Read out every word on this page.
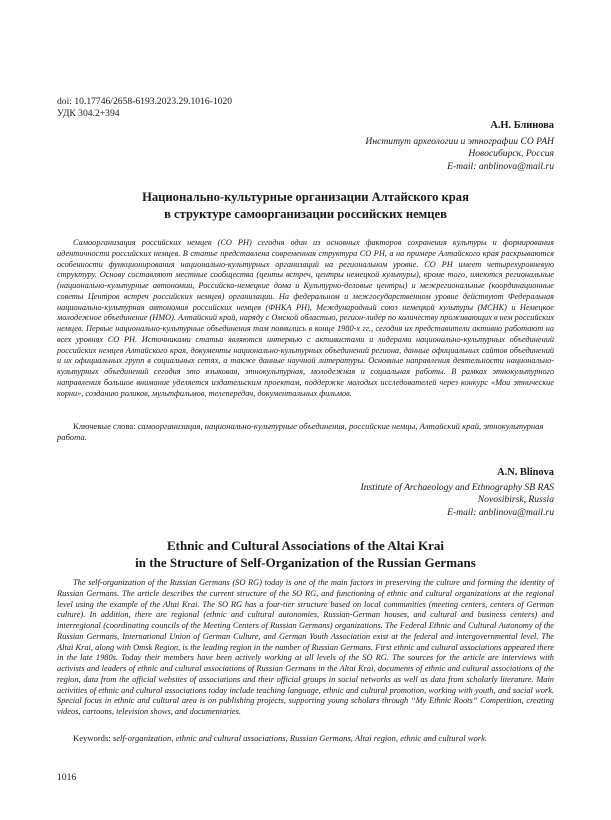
doi: 10.17746/2658-6193.2023.29.1016-1020
УДК 304.2+394
А.Н. Блинова
Институт археологии и этнографии СО РАН
Новосибирск, Россия
E-mail: anblinova@mail.ru
Национально-культурные организации Алтайского края
в структуре самоорганизации российских немцев

Самоорганизация российских немцев (СО РН) сегодня один из основных факторов сохранения культуры и формирования идентичности российских немцев. В статье представлена современная структура СО РН, а на примере Алтайского края раскрываются особенности функционирования национально-культурных организаций на региональном уровне. СО РН имеет четырехуровневую структуру. Основу составляют местные сообщества (центы встреч, центры немецкой культуры), кроме того, имеются региональные (национально-культурные автономии, Российско-немецкие дома и Культурно-деловые центры) и межрегиональные (координационные советы Центров встреч российских немцев) организации. На федеральном и межгосударственном уровне действуют Федеральная национально-культурная автономия российских немцев (ФНКА РН), Международный союз немецкой культуры (МСНК) и Немецкое молодежное объединение (НМО). Алтайский край, наряду с Омской областью, регион-лидер по количеству проживающих в нем российских немцев. Первые национально-культурные объединения там появились в конце 1980-х гг., сегодня их представители активно работают на всех уровнях СО РН. Источниками статьи являются интервью с активистами и лидерами национально-культурных объединений российских немцев Алтайского края, документы национально-культурных объединений региона, данные официальных сайтов объединений и их официальных групп в социальных сетях, а также данные научной литературы. Основные направления деятельности национально-культурных объединений сегодня это языковая, этнокультурная, молодежная и социальная работы. В рамках этнокультурного направления большое внимание уделяется издательским проектам, поддержке молодых исследователей через конкурс «Мои этнические корни», созданию роликов, мультфильмов, телепередач, документальных фильмов.

Ключевые слова: самоорганизация, национально-культурные объединения, российские немцы, Алтайский край, этнокультурная работа.
A.N. Blinova
Institute of Archaeology and Ethnography SB RAS
Novosibirsk, Russia
E-mail: anblinova@mail.ru
Ethnic and Cultural Associations of the Altai Krai
in the Structure of Self-Organization of the Russian Germans

The self-organization of the Russian Germans (SO RG) today is one of the main factors in preserving the culture and forming the identity of Russian Germans. The article describes the current structure of the SO RG, and functioning of ethnic and cultural organizations at the regional level using the example of the Altai Krai. The SO RG has a four-tier structure based on local communities (meeting centers, centers of German culture). In addition, there are regional (ethnic and cultural autonomies, Russian-German houses, and cultural and business centers) and interregional (coordinating councils of the Meeting Centers of Russian Germans) organizations. The Federal Ethnic and Cultural Autonomy of the Russian Germans, International Union of German Culture, and German Youth Association exist at the federal and intergovernmental level. The Altai Krai, along with Omsk Region, is the leading region in the number of Russian Germans. First ethnic and cultural associations appeared there in the late 1980s. Today their members have been actively working at all levels of the SO RG. The sources for the article are interviews with activists and leaders of ethnic and cultural associations of Russian Germans in the Altai Krai, documents of ethnic and cultural associations of the region, data from the official websites of associations and their official groups in social networks as well as data from scholarly literature. Main activities of ethnic and cultural associations today include teaching language, ethnic and cultural promotion, working with youth, and social work. Special focus in ethnic and cultural area is on publishing projects, supporting young scholars through “My Ethnic Roots” Competition, creating videos, cartoons, television shows, and documentaries.

Keywords: self-organization, ethnic and cultural associations, Russian Germans, Altai region, ethnic and cultural work.
1016
